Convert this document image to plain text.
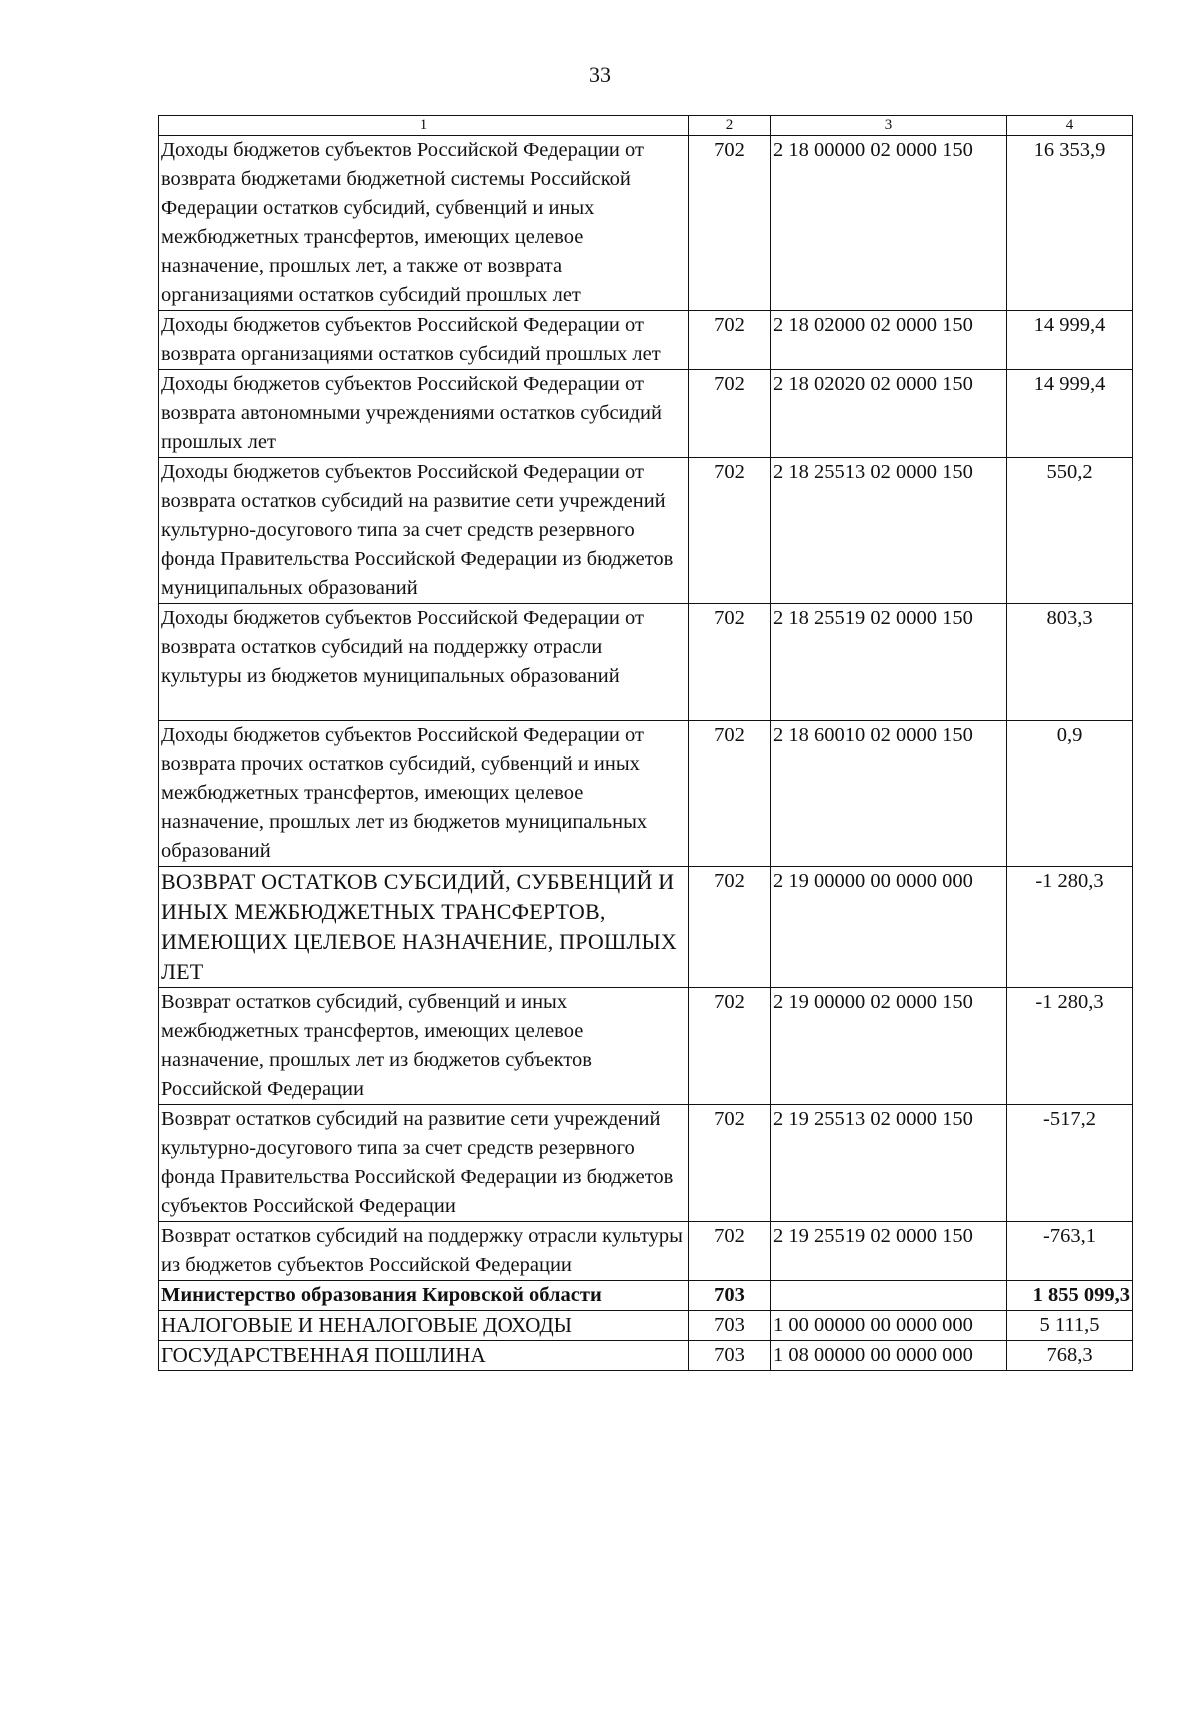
33
1	2	3	4
Доходы бюджетов субъектов Российской Федерации от возврата бюджетами бюджетной системы Российской Федерации остатков субсидий, субвенций и иных межбюджетных трансфертов, имеющих целевое назначение, прошлых лет, а также от возврата организациями остатков субсидий прошлых лет	702	2 18 00000 02 0000 150	16 353,9
Доходы бюджетов субъектов Российской Федерации от возврата организациями остатков субсидий прошлых лет	702	2 18 02000 02 0000 150	14 999,4
Доходы бюджетов субъектов Российской Федерации от возврата автономными учреждениями остатков субсидий прошлых лет	702	2 18 02020 02 0000 150	14 999,4
Доходы бюджетов субъектов Российской Федерации от возврата остатков субсидий на развитие сети учреждений культурно-досугового типа за счет средств резервного фонда Правительства Российской Федерации из бюджетов муниципальных образований	702	2 18 25513 02 0000 150	550,2
Доходы бюджетов субъектов Российской Федерации от возврата остатков субсидий на поддержку отрасли культуры из бюджетов муниципальных образований	702	2 18 25519 02 0000 150	803,3
Доходы бюджетов субъектов Российской Федерации от возврата прочих остатков субсидий, субвенций и иных межбюджетных трансфертов, имеющих целевое назначение, прошлых лет из бюджетов муниципальных образований	702	2 18 60010 02 0000 150	0,9
ВОЗВРАТ ОСТАТКОВ СУБСИДИЙ, СУБВЕНЦИЙ И ИНЫХ МЕЖБЮДЖЕТНЫХ ТРАНСФЕРТОВ, ИМЕЮЩИХ ЦЕЛЕВОЕ НАЗНАЧЕНИЕ, ПРОШЛЫХ ЛЕТ	702	2 19 00000 00 0000 000	-1 280,3
Возврат остатков субсидий, субвенций и иных межбюджетных трансфертов, имеющих целевое назначение, прошлых лет из бюджетов субъектов Российской Федерации	702	2 19 00000 02 0000 150	-1 280,3
Возврат остатков субсидий на развитие сети учреждений культурно-досугового типа за счет средств резервного фонда Правительства Российской Федерации из бюджетов субъектов Российской Федерации	702	2 19 25513 02 0000 150	-517,2
Возврат остатков субсидий на поддержку отрасли культуры из бюджетов субъектов Российской Федерации	702	2 19 25519 02 0000 150	-763,1
Министерство образования Кировской области	703		1 855 099,3
НАЛОГОВЫЕ И НЕНАЛОГОВЫЕ ДОХОДЫ	703	1 00 00000 00 0000 000	5 111,5
ГОСУДАРСТВЕННАЯ ПОШЛИНА	703	1 08 00000 00 0000 000	768,3
